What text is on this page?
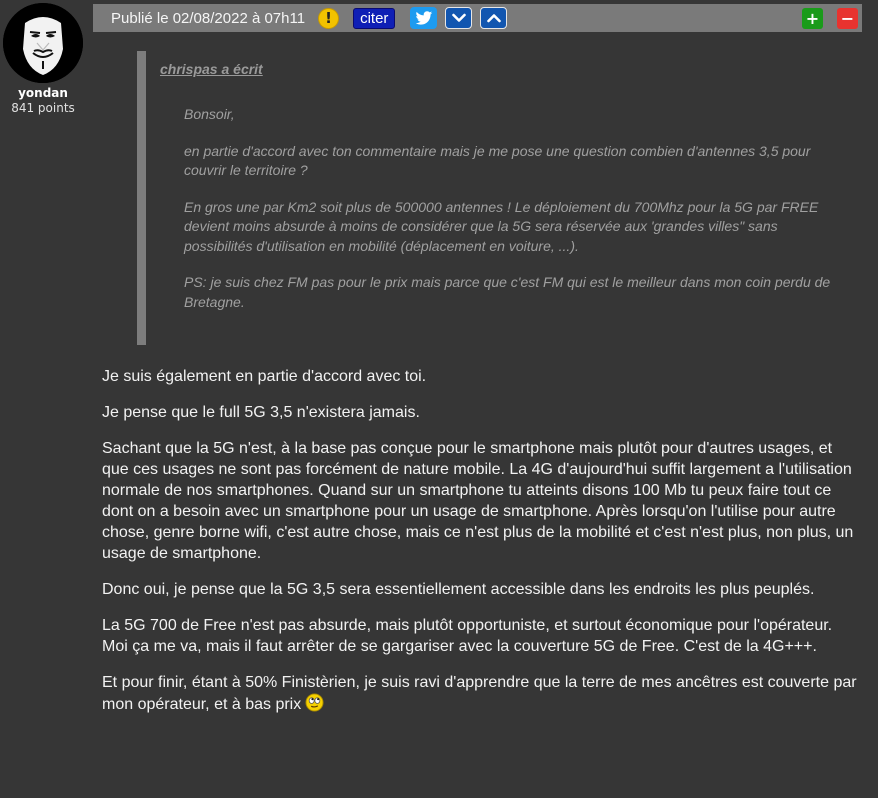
yondan
841 points
Publié le 02/08/2022 à 07h11	!	citer	+ −
chrispas a écrit

Bonsoir,

en partie d'accord avec ton commentaire mais je me pose une question combien d'antennes 3,5 pour couvrir le territoire ?

En gros une par Km2 soit plus de 500000 antennes ! Le déploiement du 700Mhz pour la 5G par FREE devient moins absurde à moins de considérer que la 5G sera réservée aux 'grandes villes" sans possibilités d'utilisation en mobilité (déplacement en voiture, ...).

PS: je suis chez FM pas pour le prix mais parce que c'est FM qui est le meilleur dans mon coin perdu de Bretagne.

Je suis également en partie d'accord avec toi.

Je pense que le full 5G 3,5 n'existera jamais.

Sachant que la 5G n'est, à la base pas conçue pour le smartphone mais plutôt pour d'autres usages, et que ces usages ne sont pas forcément de nature mobile. La 4G d'aujourd'hui suffit largement a l'utilisation normale de nos smartphones. Quand sur un smartphone tu atteints disons 100 Mb tu peux faire tout ce dont on a besoin avec un smartphone pour un usage de smartphone. Après lorsqu'on l'utilise pour autre chose, genre borne wifi, c'est autre chose, mais ce n'est plus de la mobilité et c'est n'est plus, non plus, un usage de smartphone.

Donc oui, je pense que la 5G 3,5 sera essentiellement accessible dans les endroits les plus peuplés.

La 5G 700 de Free n'est pas absurde, mais plutôt opportuniste, et surtout économique pour l'opérateur. Moi ça me va, mais il faut arrêter de se gargariser avec la couverture 5G de Free. C'est de la 4G+++.

Et pour finir, étant à 50% Finistèrien, je suis ravi d'apprendre que la terre de mes ancêtres est couverte par mon opérateur, et à bas prix
